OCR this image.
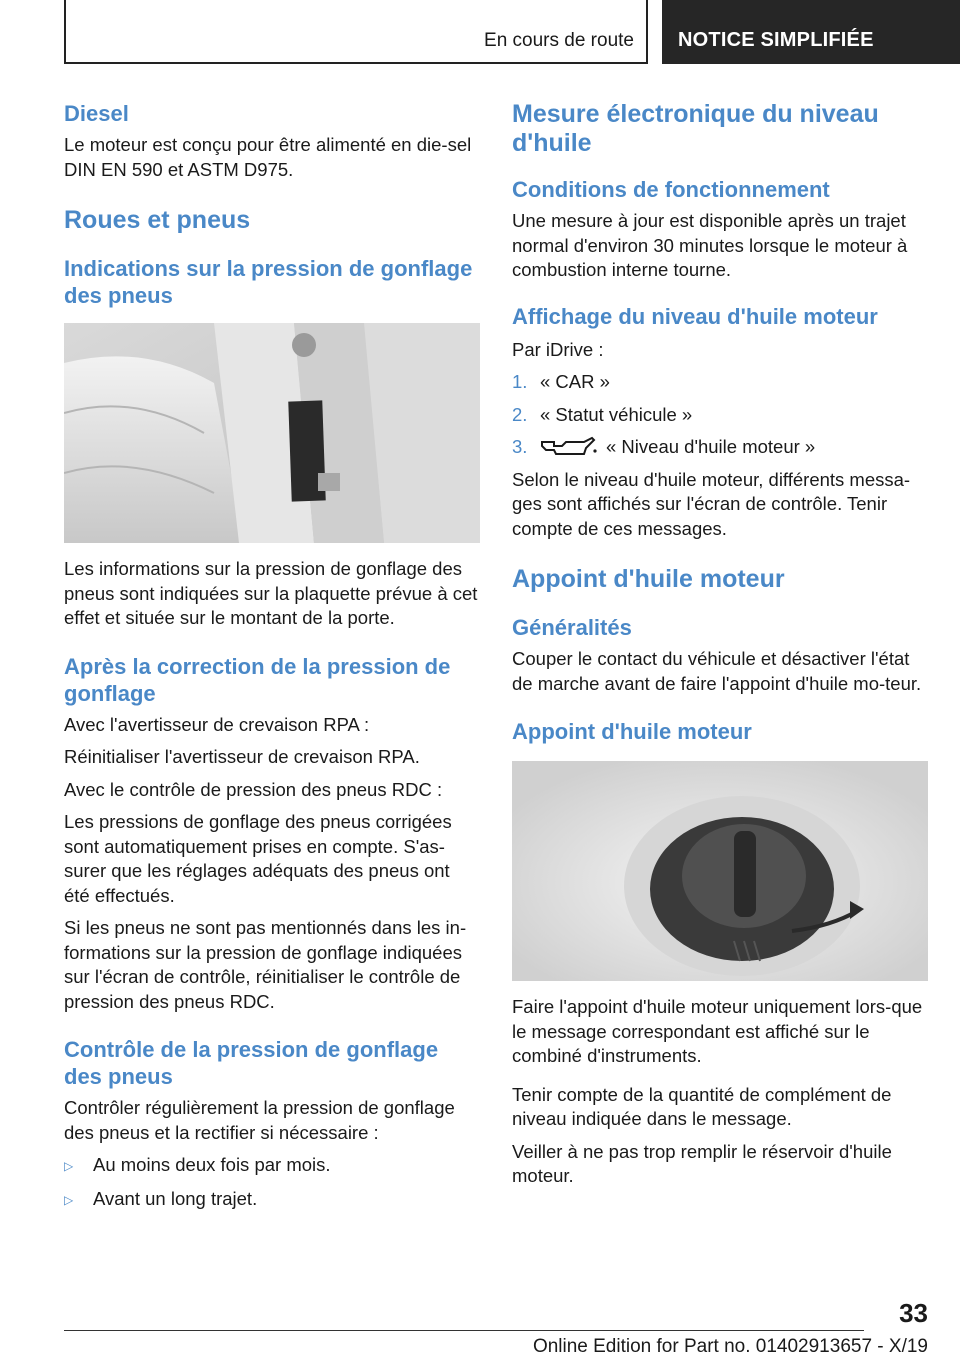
En cours de route NOTICE SIMPLIFIÉE
Diesel

Le moteur est conçu pour être alimenté en die-sel DIN EN 590 et ASTM D975.

Roues et pneus
Indications sur la pression de gonflage des pneus

Les informations sur la pression de gonflage des pneus sont indiquées sur la plaquette prévue à cet effet et située sur le montant de la porte.

Après la correction de la pression de gonflage

Avec l'avertisseur de crevaison RPA :

Réinitialiser l'avertisseur de crevaison RPA.

Avec le contrôle de pression des pneus RDC :

Les pressions de gonflage des pneus corrigées sont automatiquement prises en compte. S'as-surer que les réglages adéquats des pneus ont été effectués.

Si les pneus ne sont pas mentionnés dans les in-formations sur la pression de gonflage indiquées sur l'écran de contrôle, réinitialiser le contrôle de pression des pneus RDC.

Contrôle de la pression de gonflage des pneus

Contrôler régulièrement la pression de gonflage des pneus et la rectifier si nécessaire :

▷	Au moins deux fois par mois.
▷	Avant un long trajet.
Mesure électronique du niveau d'huile
Conditions de fonctionnement

Une mesure à jour est disponible après un trajet normal d'environ 30 minutes lorsque le moteur à combustion interne tourne.

Affichage du niveau d'huile moteur

Par iDrive :

1. « CAR »
2. « Statut véhicule »
3.	« Niveau d'huile moteur »

Selon le niveau d'huile moteur, différents messa-ges sont affichés sur l'écran de contrôle. Tenir compte de ces messages.

Appoint d'huile moteur
Généralités

Couper le contact du véhicule et désactiver l'état de marche avant de faire l'appoint d'huile mo-teur.

Appoint d'huile moteur

Faire l'appoint d'huile moteur uniquement lors-que le message correspondant est affiché sur le combiné d'instruments.

Tenir compte de la quantité de complément de niveau indiquée dans le message.

Veiller à ne pas trop remplir le réservoir d'huile moteur.

33
Online Edition for Part no. 01402913657 - X/19
